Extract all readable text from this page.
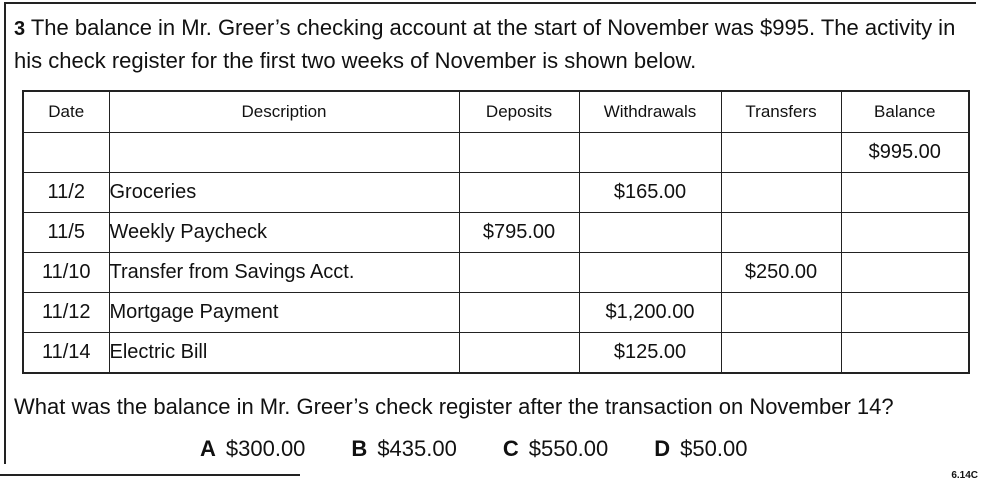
3 The balance in Mr. Greer’s checking account at the start of November was $995. The activity in his check register for the first two weeks of November is shown below.

Date	Description	Deposits	Withdrawals	Transfers	Balance
					$995.00
11/2	Groceries		$165.00		
11/5	Weekly Paycheck	$795.00			
11/10	Transfer from Savings Acct.			$250.00	
11/12	Mortgage Payment		$1,200.00		
11/14	Electric Bill		$125.00		

What was the balance in Mr. Greer’s check register after the transaction on November 14?

A $300.00 B $435.00 C $550.00 D $50.00
6.14C
